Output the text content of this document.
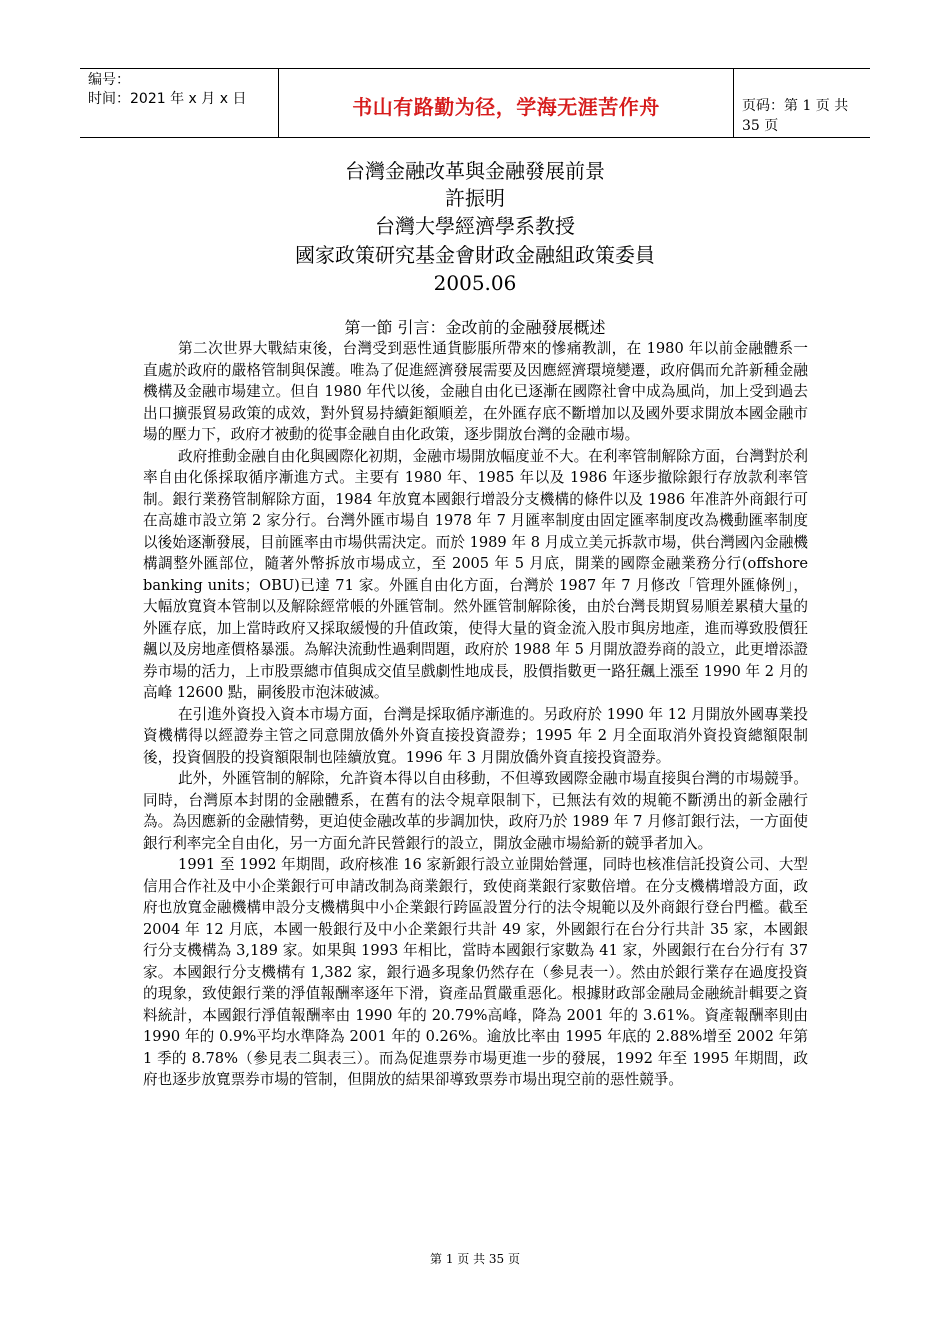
编号：
时间：2021 年 x 月 x 日	书山有路勤为径，学海无涯苦作舟	页码：第 1 页 共 35 页
台灣金融改革與金融發展前景
許振明
台灣大學經濟學系教授
國家政策研究基金會財政金融組政策委員
2005.06
第一節 引言：金改前的金融發展概述

第二次世界大戰結束後，台灣受到惡性通貨膨脹所帶來的慘痛教訓，在 1980 年以前金融體系一直處於政府的嚴格管制與保護。唯為了促進經濟發展需要及因應經濟環境變遷，政府偶而允許新種金融機構及金融市場建立。但自 1980 年代以後，金融自由化已逐漸在國際社會中成為風尚，加上受到過去出口擴張貿易政策的成效，對外貿易持續鉅額順差，在外匯存底不斷增加以及國外要求開放本國金融市場的壓力下，政府才被動的從事金融自由化政策，逐步開放台灣的金融市場。

政府推動金融自由化與國際化初期，金融市場開放幅度並不大。在利率管制解除方面，台灣對於利率自由化係採取循序漸進方式。主要有 1980 年、1985 年以及 1986 年逐步撤除銀行存放款利率管制。銀行業務管制解除方面，1984 年放寬本國銀行增設分支機構的條件以及 1986 年准許外商銀行可在高雄市設立第 2 家分行。台灣外匯市場自 1978 年 7 月匯率制度由固定匯率制度改為機動匯率制度以後始逐漸發展，目前匯率由市場供需決定。而於 1989 年 8 月成立美元拆款市場，供台灣國內金融機構調整外匯部位，隨著外幣拆放市場成立，至 2005 年 5 月底，開業的國際金融業務分行(offshore banking units；OBU)已達 71 家。外匯自由化方面，台灣於 1987 年 7 月修改「管理外匯條例」，大幅放寬資本管制以及解除經常帳的外匯管制。然外匯管制解除後，由於台灣長期貿易順差累積大量的外匯存底，加上當時政府又採取緩慢的升值政策，使得大量的資金流入股市與房地產，進而導致股價狂飆以及房地產價格暴漲。為解決流動性過剩問題，政府於 1988 年 5 月開放證券商的設立，此更增添證券市場的活力，上市股票總市值與成交值呈戲劇性地成長，股價指數更一路狂飆上漲至 1990 年 2 月的高峰 12600 點，嗣後股市泡沫破滅。

在引進外資投入資本市場方面，台灣是採取循序漸進的。另政府於 1990 年 12 月開放外國專業投資機構得以經證券主管之同意開放僑外外資直接投資證券；1995 年 2 月全面取消外資投資總額限制後，投資個股的投資額限制也陸續放寬。1996 年 3 月開放僑外資直接投資證券。

此外，外匯管制的解除，允許資本得以自由移動，不但導致國際金融市場直接與台灣的市場競爭。同時，台灣原本封閉的金融體系，在舊有的法令規章限制下，已無法有效的規範不斷湧出的新金融行為。為因應新的金融情勢，更迫使金融改革的步調加快，政府乃於 1989 年 7 月修訂銀行法，一方面使銀行利率完全自由化，另一方面允許民營銀行的設立，開放金融市場給新的競爭者加入。

1991 至 1992 年期間，政府核准 16 家新銀行設立並開始營運，同時也核准信託投資公司、大型信用合作社及中小企業銀行可申請改制為商業銀行，致使商業銀行家數倍增。在分支機構增設方面，政府也放寬金融機構申設分支機構與中小企業銀行跨區設置分行的法令規範以及外商銀行登台門檻。截至 2004 年 12 月底，本國一般銀行及中小企業銀行共計 49 家，外國銀行在台分行共計 35 家，本國銀行分支機構為 3,189 家。如果與 1993 年相比，當時本國銀行家數為 41 家，外國銀行在台分行有 37 家。本國銀行分支機構有 1,382 家，銀行過多現象仍然存在（參見表一）。然由於銀行業存在過度投資的現象，致使銀行業的淨值報酬率逐年下滑，資產品質嚴重惡化。根據財政部金融局金融統計輯要之資料統計，本國銀行淨值報酬率由 1990 年的 20.79%高峰，降為 2001 年的 3.61%。資產報酬率則由 1990 年的 0.9%平均水準降為 2001 年的 0.26%。逾放比率由 1995 年底的 2.88%增至 2002 年第 1 季的 8.78%（參見表二與表三）。而為促進票券市場更進一步的發展，1992 年至 1995 年期間，政府也逐步放寬票券市場的管制，但開放的結果卻導致票券市場出現空前的惡性競爭。

第 1 页 共 35 页
